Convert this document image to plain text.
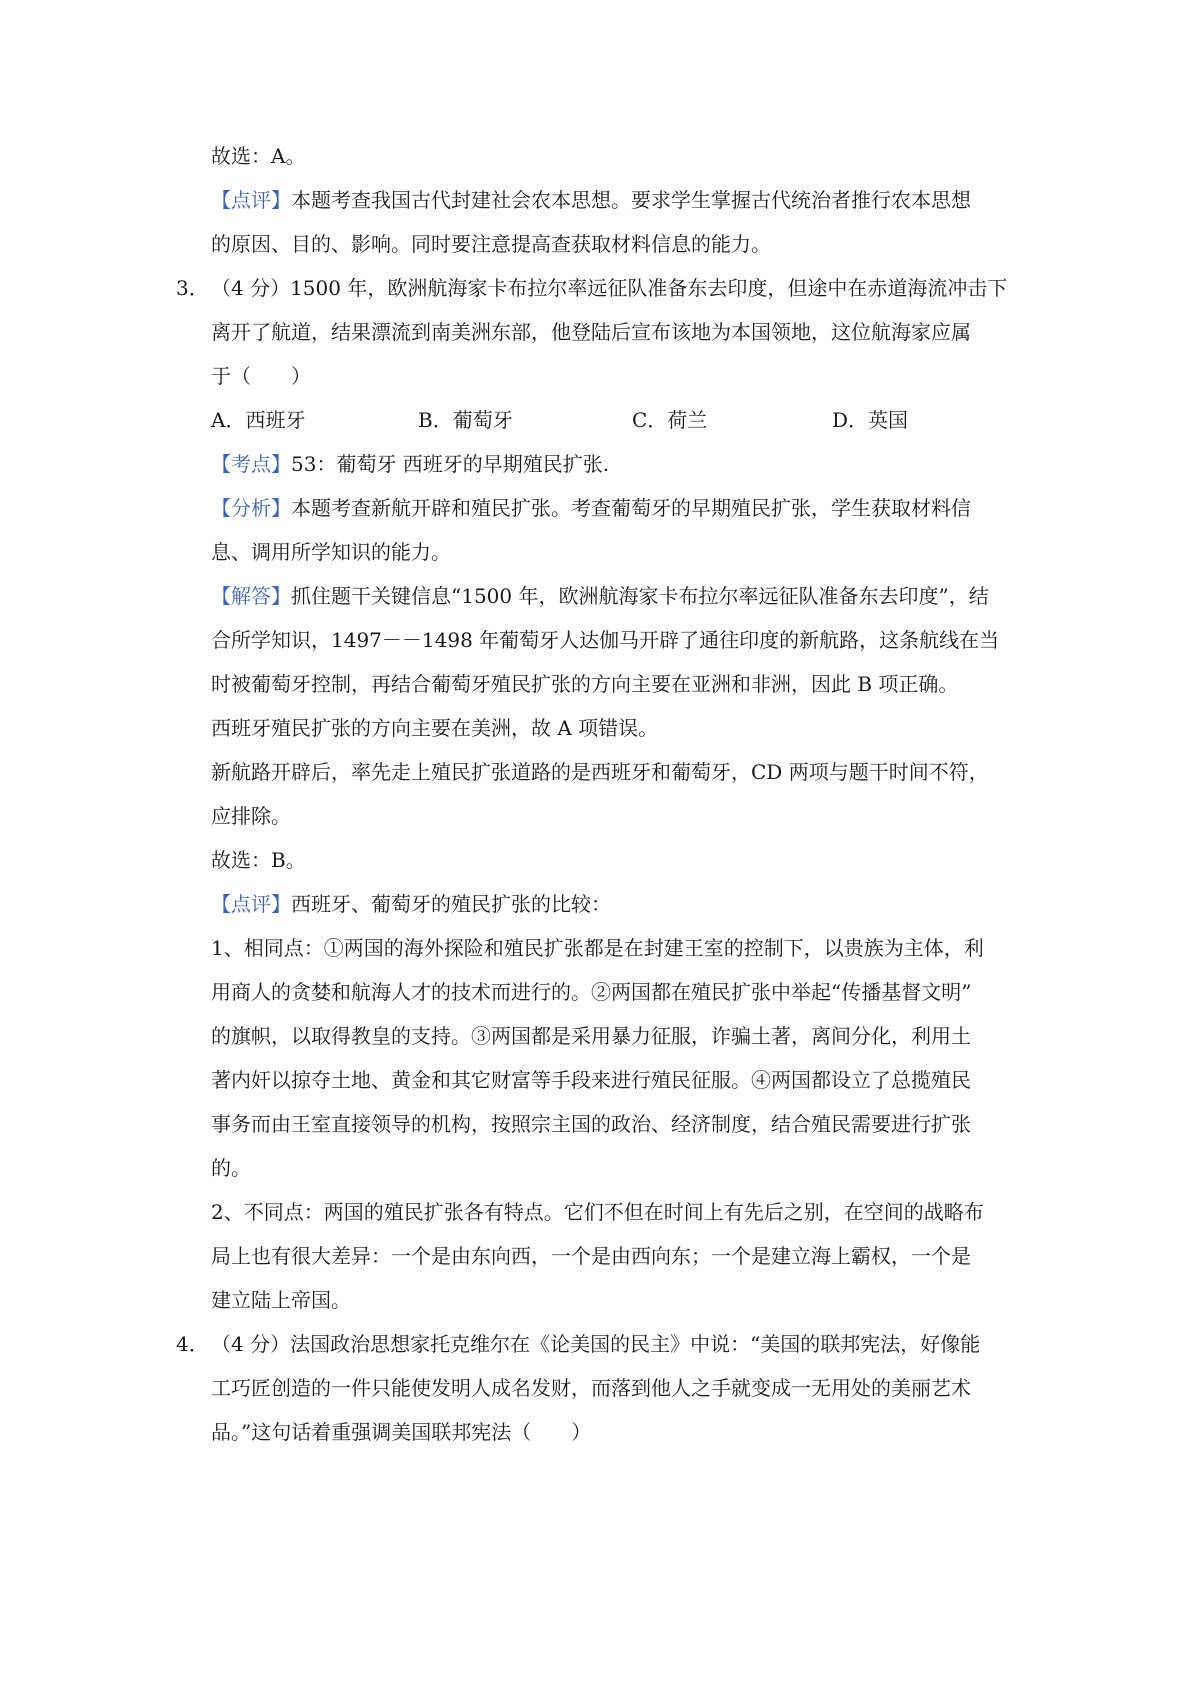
故选：A。
【点评】本题考查我国古代封建社会农本思想。要求学生掌握古代统治者推行农本思想
的原因、目的、影响。同时要注意提高查获取材料信息的能力。
3． （4 分）1500 年，欧洲航海家卡布拉尔率远征队准备东去印度，但途中在赤道海流冲击下
离开了航道，结果漂流到南美洲东部，他登陆后宣布该地为本国领地，这位航海家应属
于（　　）
A．西班牙	B．葡萄牙	C．荷兰	D．英国
【考点】53：葡萄牙 西班牙的早期殖民扩张.
【分析】本题考查新航开辟和殖民扩张。考查葡萄牙的早期殖民扩张，学生获取材料信
息、调用所学知识的能力。
【解答】抓住题干关键信息“1500 年，欧洲航海家卡布拉尔率远征队准备东去印度”，结
合所学知识，1497－－1498 年葡萄牙人达伽马开辟了通往印度的新航路，这条航线在当
时被葡萄牙控制，再结合葡萄牙殖民扩张的方向主要在亚洲和非洲，因此 B 项正确。
西班牙殖民扩张的方向主要在美洲，故 A 项错误。
新航路开辟后，率先走上殖民扩张道路的是西班牙和葡萄牙，CD 两项与题干时间不符，
应排除。
故选：B。
【点评】西班牙、葡萄牙的殖民扩张的比较：
1、相同点：①两国的海外探险和殖民扩张都是在封建王室的控制下，以贵族为主体，利
用商人的贪婪和航海人才的技术而进行的。②两国都在殖民扩张中举起“传播基督文明”
的旗帜，以取得教皇的支持。③两国都是采用暴力征服，诈骗土著，离间分化，利用土
著内奸以掠夺土地、黄金和其它财富等手段来进行殖民征服。④两国都设立了总揽殖民
事务而由王室直接领导的机构，按照宗主国的政治、经济制度，结合殖民需要进行扩张
的。
2、不同点：两国的殖民扩张各有特点。它们不但在时间上有先后之别，在空间的战略布
局上也有很大差异：一个是由东向西，一个是由西向东；一个是建立海上霸权，一个是
建立陆上帝国。
4． （4 分）法国政治思想家托克维尔在《论美国的民主》中说：“美国的联邦宪法，好像能
工巧匠创造的一件只能使发明人成名发财，而落到他人之手就变成一无用处的美丽艺术
品。”这句话着重强调美国联邦宪法（　　）
